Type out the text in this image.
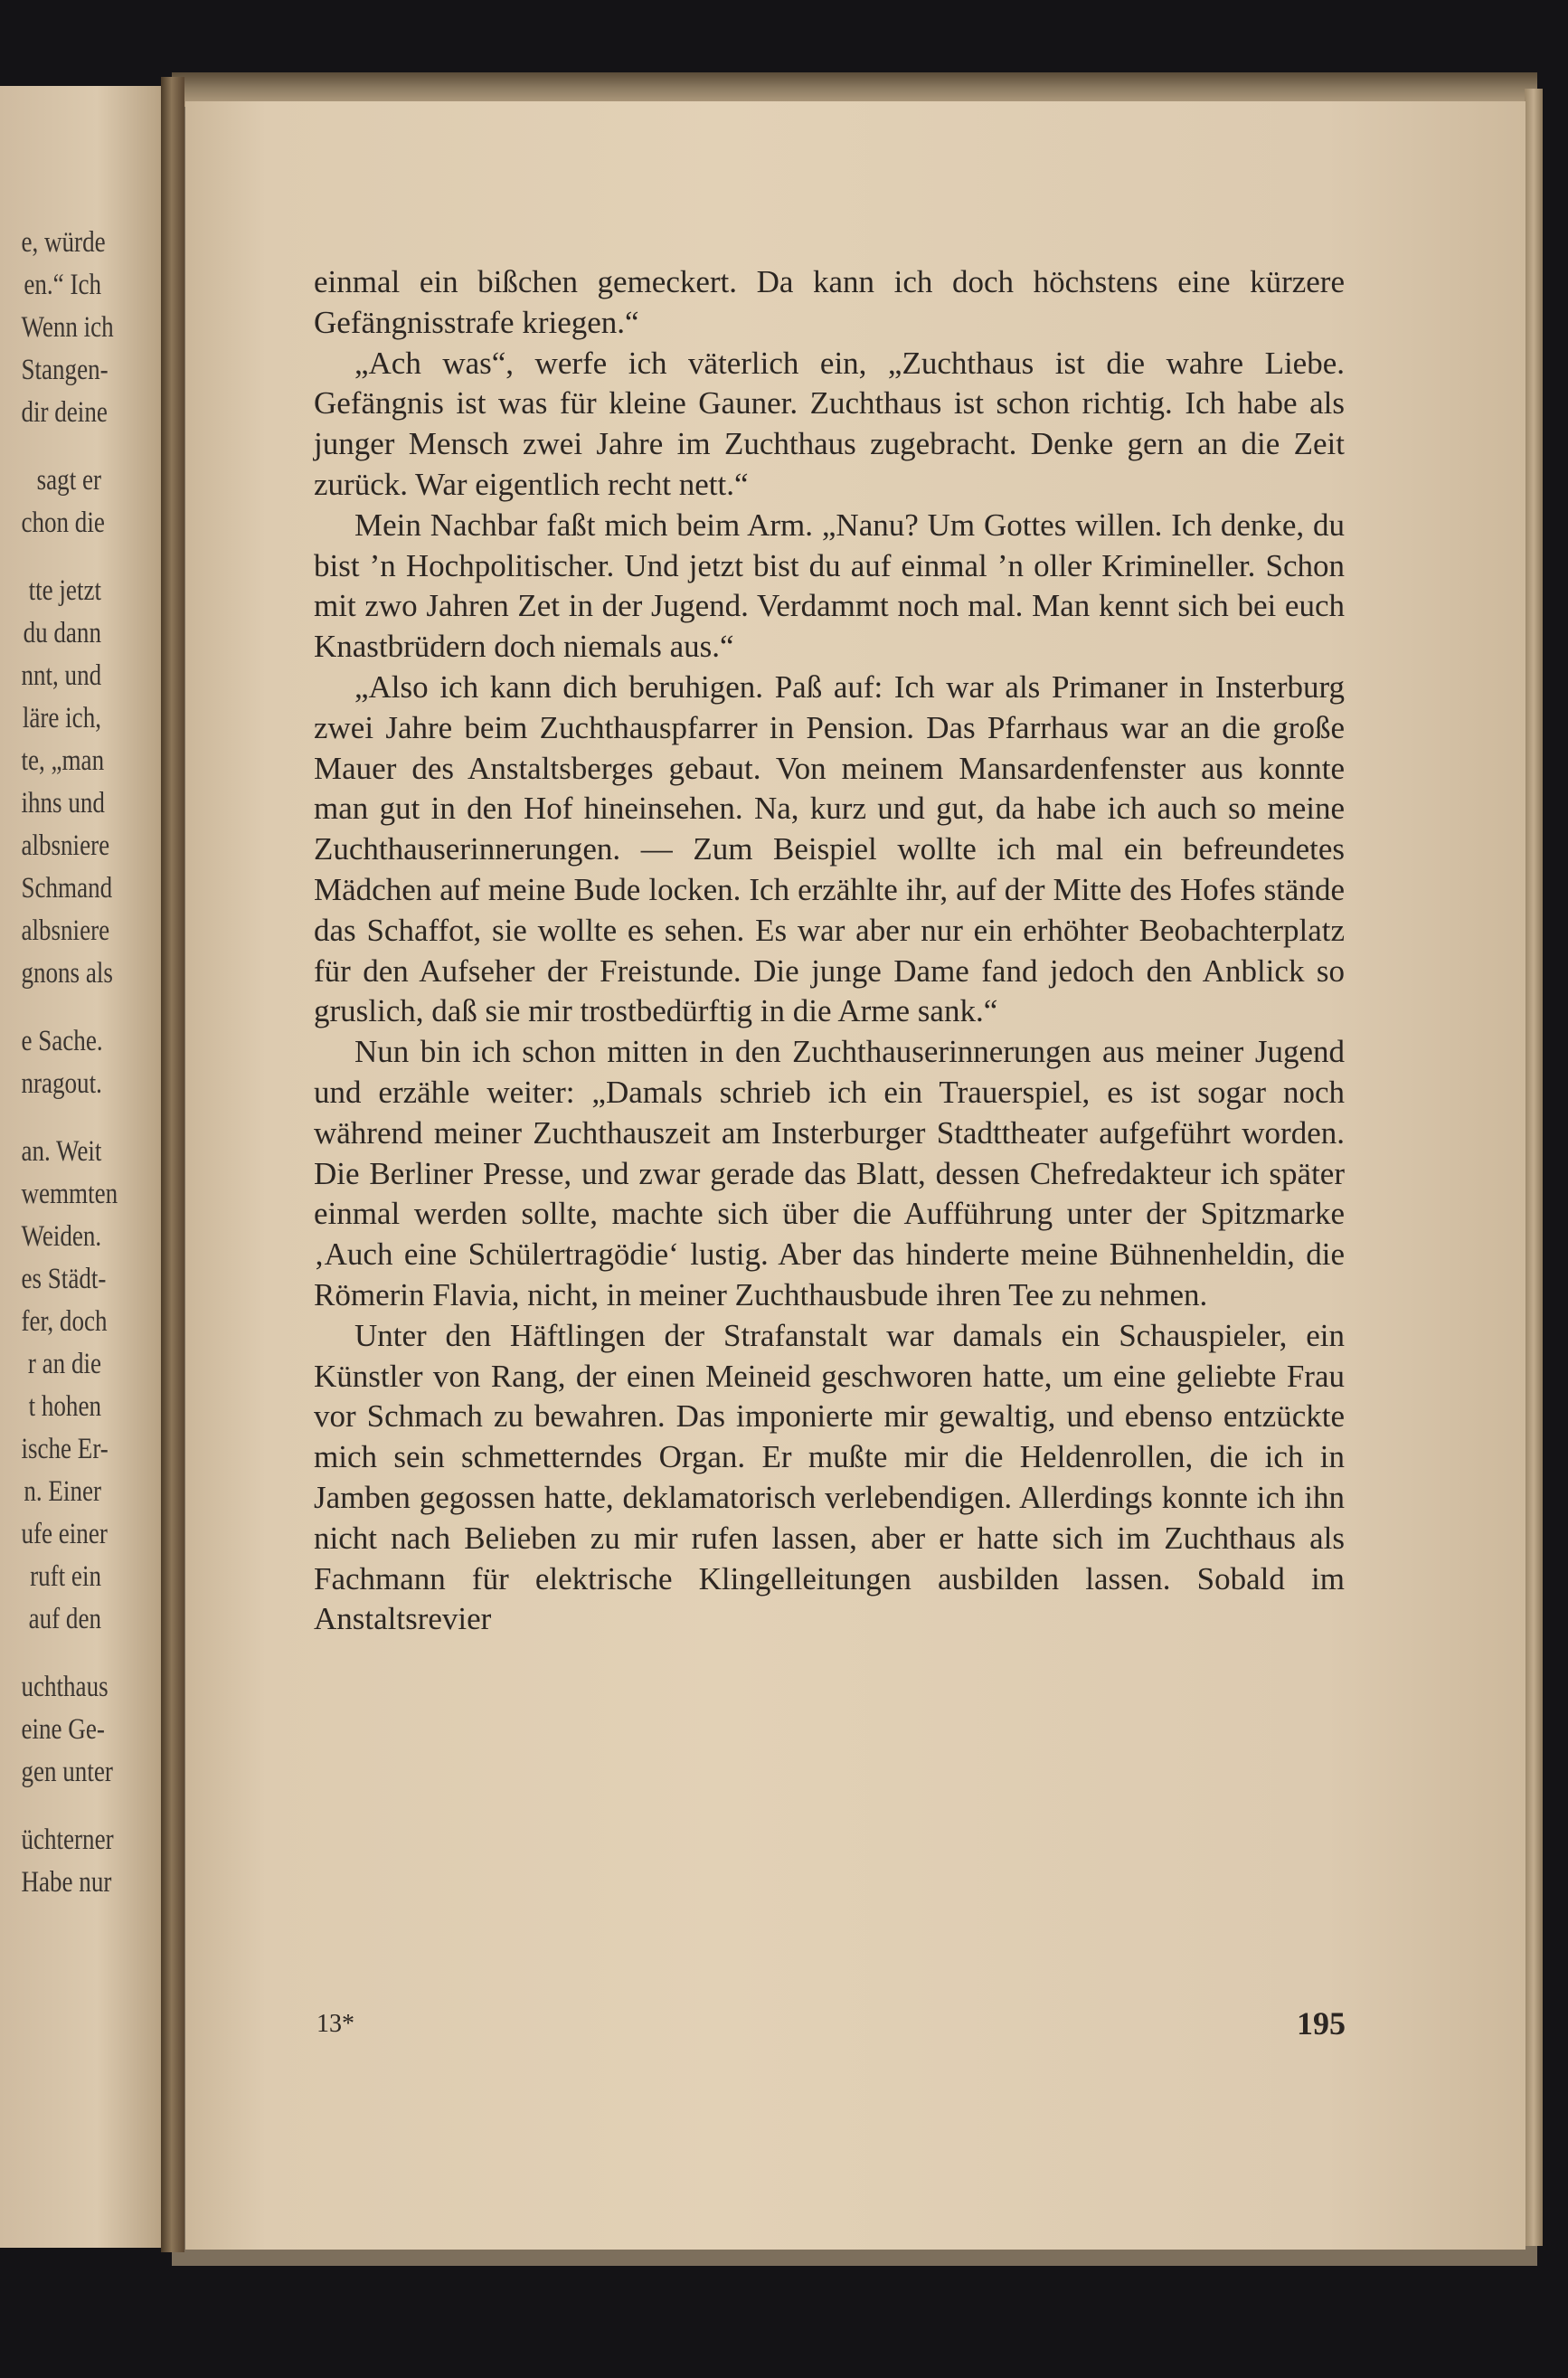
e, würde
en.“ Ich
Wenn ich
Stangen-
dir deine
sagt er
chon die
tte jetzt
du dann
nnt, und
läre ich,
te, „man
ihns und
albsniere
Schmand
albsniere
gnons als
e Sache.
nragout.
an. Weit
wemmten
Weiden.
es Städt-
fer, doch
r an die
t hohen
ische Er-
n. Einer
ufe einer
ruft ein
auf den
uchthaus
eine Ge-
gen unter
üchterner
Habe nur

einmal ein bißchen gemeckert. Da kann ich doch höchstens eine kürzere Gefängnisstrafe kriegen.“

„Ach was“, werfe ich väterlich ein, „Zuchthaus ist die wahre Liebe. Gefängnis ist was für kleine Gauner. Zuchthaus ist schon richtig. Ich habe als junger Mensch zwei Jahre im Zuchthaus zugebracht. Denke gern an die Zeit zurück. War eigentlich recht nett.“

Mein Nachbar faßt mich beim Arm. „Nanu? Um Gottes willen. Ich denke, du bist ’n Hochpolitischer. Und jetzt bist du auf einmal ’n oller Krimineller. Schon mit zwo Jahren Zet in der Jugend. Verdammt noch mal. Man kennt sich bei euch Knastbrüdern doch niemals aus.“

„Also ich kann dich beruhigen. Paß auf: Ich war als Primaner in Insterburg zwei Jahre beim Zuchthauspfarrer in Pension. Das Pfarrhaus war an die große Mauer des Anstaltsberges gebaut. Von meinem Mansardenfenster aus konnte man gut in den Hof hineinsehen. Na, kurz und gut, da habe ich auch so meine Zuchthauserinnerungen. — Zum Beispiel wollte ich mal ein befreundetes Mädchen auf meine Bude locken. Ich erzählte ihr, auf der Mitte des Hofes stände das Schaffot, sie wollte es sehen. Es war aber nur ein erhöhter Beobachterplatz für den Aufseher der Freistunde. Die junge Dame fand jedoch den Anblick so gruslich, daß sie mir trostbedürftig in die Arme sank.“

Nun bin ich schon mitten in den Zuchthauserinnerungen aus meiner Jugend und erzähle weiter: „Damals schrieb ich ein Trauerspiel, es ist sogar noch während meiner Zuchthauszeit am Insterburger Stadttheater aufgeführt worden. Die Berliner Presse, und zwar gerade das Blatt, dessen Chefredakteur ich später einmal werden sollte, machte sich über die Aufführung unter der Spitzmarke ‚Auch eine Schülertragödie‘ lustig. Aber das hinderte meine Bühnenheldin, die Römerin Flavia, nicht, in meiner Zuchthausbude ihren Tee zu nehmen.

Unter den Häftlingen der Strafanstalt war damals ein Schauspieler, ein Künstler von Rang, der einen Meineid geschworen hatte, um eine geliebte Frau vor Schmach zu bewahren. Das imponierte mir gewaltig, und ebenso entzückte mich sein schmetterndes Organ. Er mußte mir die Heldenrollen, die ich in Jamben gegossen hatte, deklamatorisch verlebendigen. Allerdings konnte ich ihn nicht nach Belieben zu mir rufen lassen, aber er hatte sich im Zuchthaus als Fachmann für elektrische Klingelleitungen ausbilden lassen. Sobald im Anstaltsrevier

13*	195
